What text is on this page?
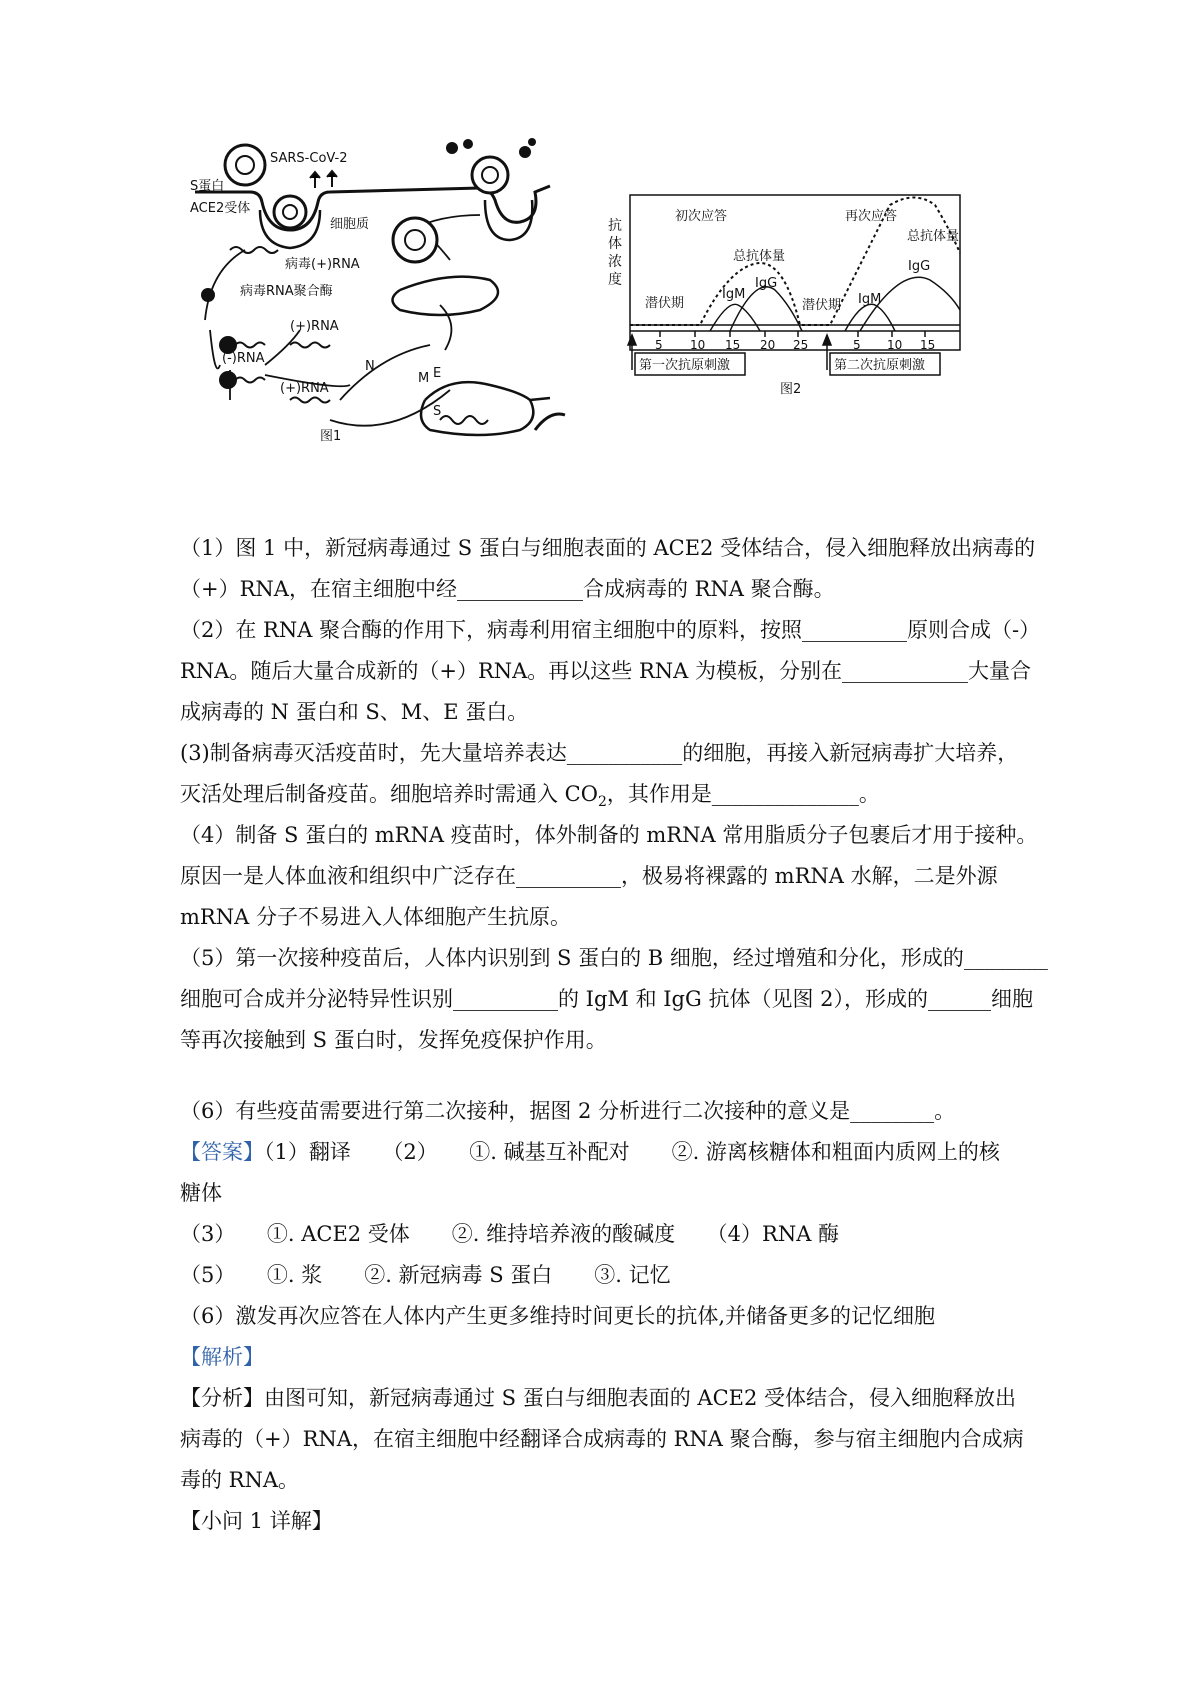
SARS-CoV-2
S蛋白
ACE2受体
细胞质
病毒(+)RNA
病毒RNA聚合酶
(+)RNA
(-)RNA
(+)RNA
N
M E
S
图1
初次应答	再次应答
总抗体量
总抗体量
IgM
IgG
IgM
IgG
潜伏期	潜伏期
第一次抗原刺激	第二次抗原刺激
图2
5 10 15 20 25	5 10 15
抗
体
浓
度
（1）图 1 中，新冠病毒通过 S 蛋白与细胞表面的 ACE2 受体结合，侵入细胞释放出病毒的
（+）RNA，在宿主细胞中经____________合成病毒的 RNA 聚合酶。
（2）在 RNA 聚合酶的作用下，病毒利用宿主细胞中的原料，按照__________原则合成（-）
RNA。随后大量合成新的（+）RNA。再以这些 RNA 为模板，分别在____________大量合
成病毒的 N 蛋白和 S、M、E 蛋白。
(3)制备病毒灭活疫苗时，先大量培养表达___________的细胞，再接入新冠病毒扩大培养，
灭活处理后制备疫苗。细胞培养时需通入 $CO_2$，其作用是______________。
（4）制备 S 蛋白的 mRNA 疫苗时，体外制备的 mRNA 常用脂质分子包裹后才用于接种。
原因一是人体血液和组织中广泛存在__________，极易将裸露的 mRNA 水解，二是外源
mRNA 分子不易进入人体细胞产生抗原。
（5）第一次接种疫苗后，人体内识别到 S 蛋白的 B 细胞，经过增殖和分化，形成的________
细胞可合成并分泌特异性识别__________的 IgM 和 IgG 抗体（见图 2），形成的______细胞
等再次接触到 S 蛋白时，发挥免疫保护作用。
（6）有些疫苗需要进行第二次接种，据图 2 分析进行二次接种的意义是________。
【答案】（1）翻译　　（2）　　①. 碱基互补配对　　②. 游离核糖体和粗面内质网上的核
糖体
（3）　　①. ACE2 受体　　②. 维持培养液的酸碱度　　（4）RNA 酶
（5）　　①. 浆　　②. 新冠病毒 S 蛋白　　③. 记忆
（6）激发再次应答在人体内产生更多维持时间更长的抗体,并储备更多的记忆细胞
【解析】
【分析】由图可知，新冠病毒通过 S 蛋白与细胞表面的 ACE2 受体结合，侵入细胞释放出
病毒的（+）RNA，在宿主细胞中经翻译合成病毒的 RNA 聚合酶，参与宿主细胞内合成病
毒的 RNA。
【小问 1 详解】
